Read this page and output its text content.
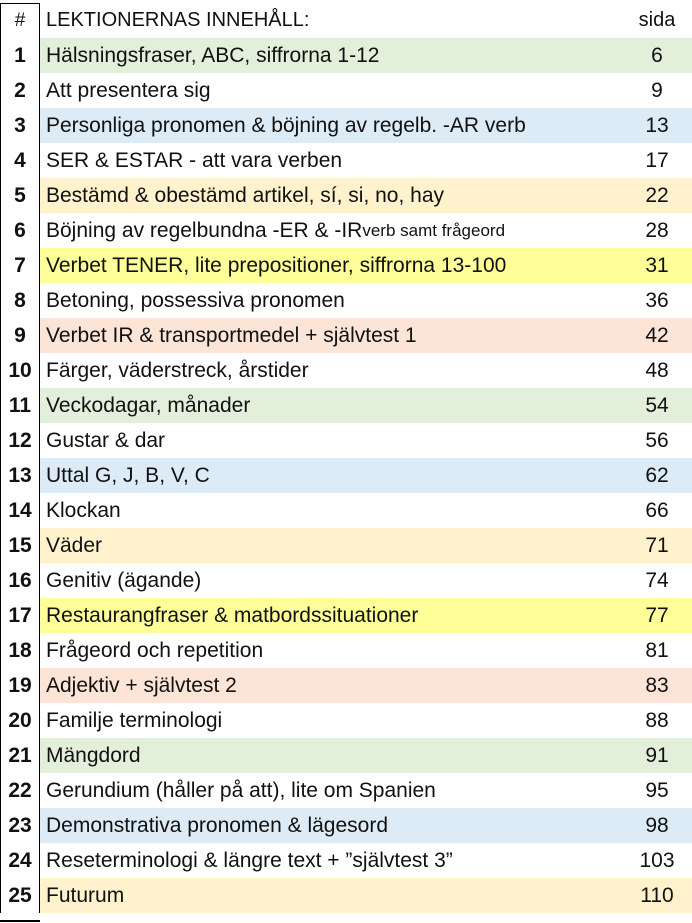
#	LEKTIONERNAS INNEHÅLL:	sida
1 Hälsningsfraser, ABC, siffrorna 1-12	6
2 Att presentera sig	9
3 Personliga pronomen & böjning av regelb. -AR verb	13
4 SER & ESTAR - att vara verben	17
5 Bestämd & obestämd artikel, sí, si, no, hay	22
6 Böjning av regelbundna -ER & -IR verb samt frågeord	28
7 Verbet TENER, lite prepositioner, siffrorna 13-100	31
8 Betoning, possessiva pronomen	36
9 Verbet IR & transportmedel + självtest 1	42
10 Färger, väderstreck, årstider	48
11 Veckodagar, månader	54
12 Gustar & dar	56
13 Uttal G, J, B, V, C	62
14 Klockan	66
15 Väder	71
16 Genitiv (ägande)	74
17 Restaurangfraser & matbordssituationer	77
18 Frågeord och repetition	81
19 Adjektiv + självtest 2	83
20 Familje terminologi	88
21 Mängdord	91
22 Gerundium (håller på att), lite om Spanien	95
23 Demonstrativa pronomen & lägesord	98
24 Reseterminologi & längre text + ”självtest 3”	103
25 Futurum	110
